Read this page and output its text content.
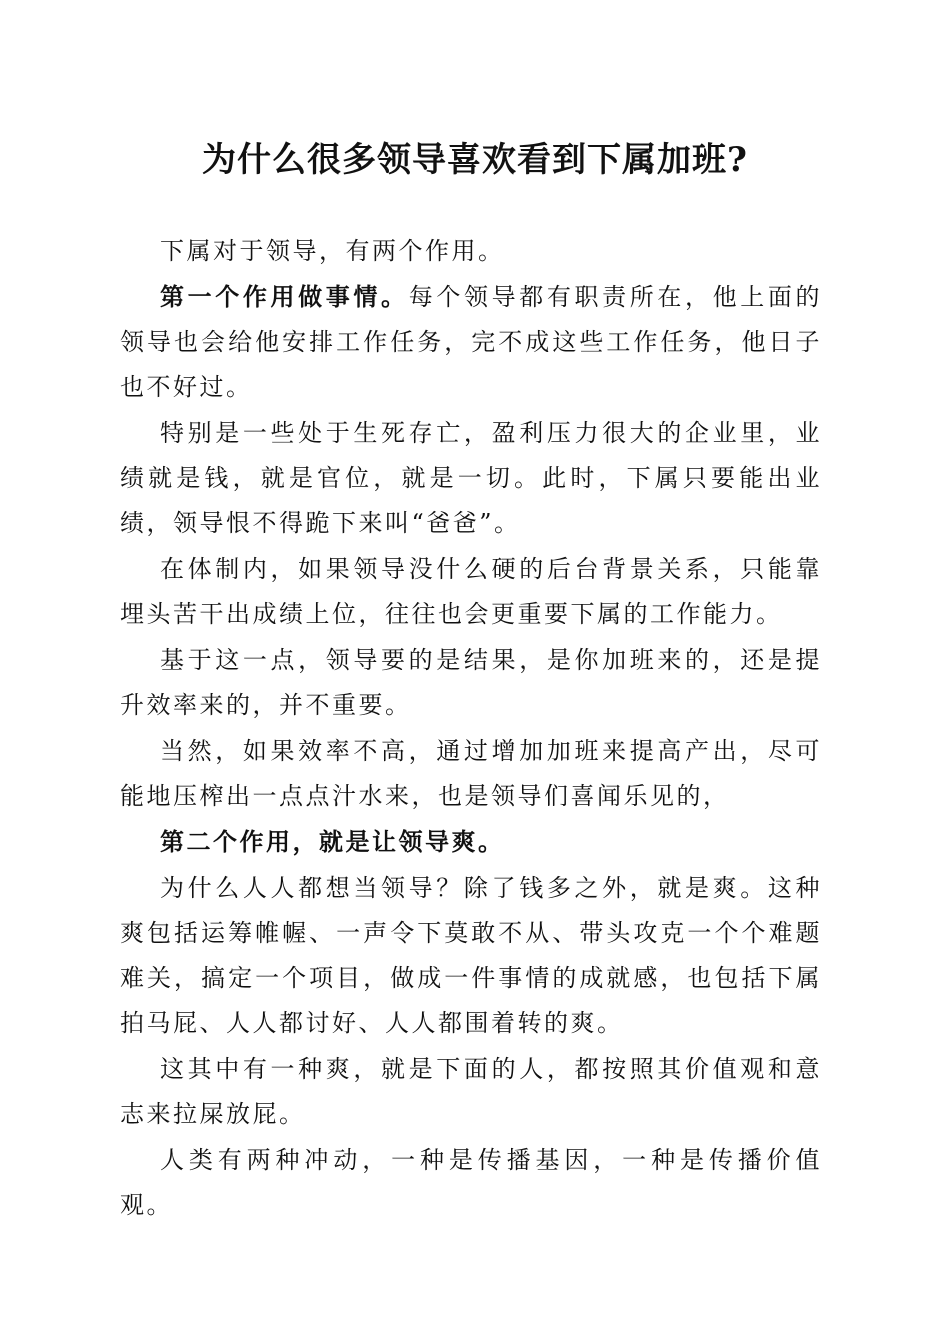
为什么很多领导喜欢看到下属加班?

下属对于领导，有两个作用。

第一个作用做事情。每个领导都有职责所在，他上面的领导也会给他安排工作任务，完不成这些工作任务，他日子也不好过。

特别是一些处于生死存亡，盈利压力很大的企业里，业绩就是钱，就是官位，就是一切。此时，下属只要能出业绩，领导恨不得跪下来叫“爸爸”。

在体制内，如果领导没什么硬的后台背景关系，只能靠埋头苦干出成绩上位，往往也会更重要下属的工作能力。

基于这一点，领导要的是结果，是你加班来的，还是提升效率来的，并不重要。

当然，如果效率不高，通过增加加班来提高产出，尽可能地压榨出一点点汁水来，也是领导们喜闻乐见的，

第二个作用，就是让领导爽。

为什么人人都想当领导？除了钱多之外，就是爽。这种爽包括运筹帷幄、一声令下莫敢不从、带头攻克一个个难题难关，搞定一个项目，做成一件事情的成就感，也包括下属拍马屁、人人都讨好、人人都围着转的爽。

这其中有一种爽，就是下面的人，都按照其价值观和意志来拉屎放屁。

人类有两种冲动，一种是传播基因，一种是传播价值观。
